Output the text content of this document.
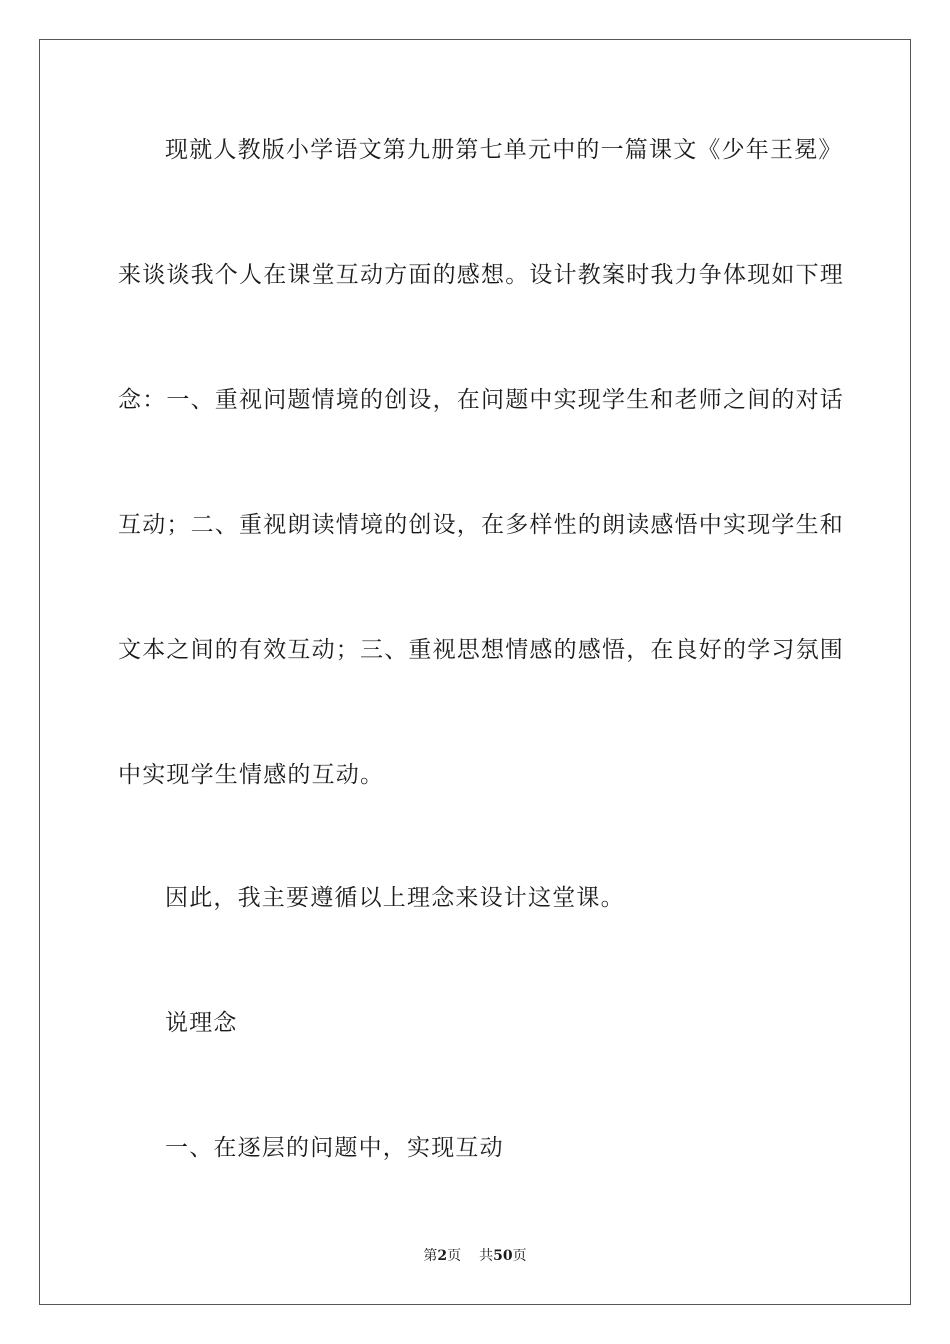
现就人教版小学语文第九册第七单元中的一篇课文《少年王冕》
来谈谈我个人在课堂互动方面的感想。设计教案时我力争体现如下理
念：一、重视问题情境的创设，在问题中实现学生和老师之间的对话
互动；二、重视朗读情境的创设，在多样性的朗读感悟中实现学生和
文本之间的有效互动；三、重视思想情感的感悟，在良好的学习氛围
中实现学生情感的互动。
因此，我主要遵循以上理念来设计这堂课。
说理念
一、在逐层的问题中，实现互动
第2页 共50页
